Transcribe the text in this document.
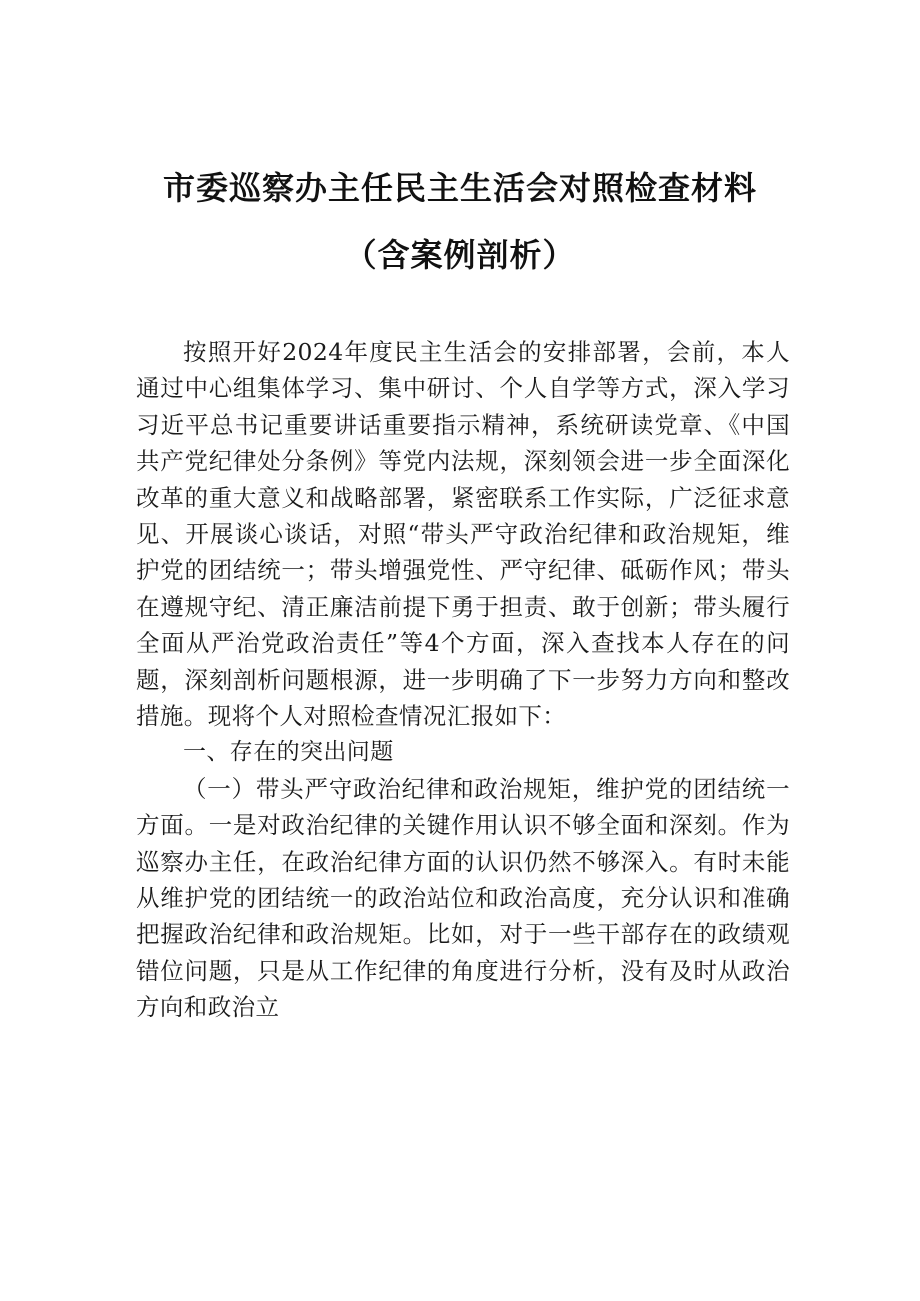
市委巡察办主任民主生活会对照检查材料
（含案例剖析）

按照开好2024年度民主生活会的安排部署，会前，本人通过中心组集体学习、集中研讨、个人自学等方式，深入学习习近平总书记重要讲话重要指示精神，系统研读党章、《中国共产党纪律处分条例》等党内法规，深刻领会进一步全面深化改革的重大意义和战略部署，紧密联系工作实际，广泛征求意见、开展谈心谈话，对照“带头严守政治纪律和政治规矩，维护党的团结统一；带头增强党性、严守纪律、砥砺作风；带头在遵规守纪、清正廉洁前提下勇于担责、敢于创新；带头履行全面从严治党政治责任”等4个方面，深入查找本人存在的问题，深刻剖析问题根源，进一步明确了下一步努力方向和整改措施。现将个人对照检查情况汇报如下：

一、存在的突出问题

（一）带头严守政治纪律和政治规矩，维护党的团结统一方面。一是对政治纪律的关键作用认识不够全面和深刻。作为巡察办主任，在政治纪律方面的认识仍然不够深入。有时未能从维护党的团结统一的政治站位和政治高度，充分认识和准确把握政治纪律和政治规矩。比如，对于一些干部存在的政绩观错位问题，只是从工作纪律的角度进行分析，没有及时从政治方向和政治立
